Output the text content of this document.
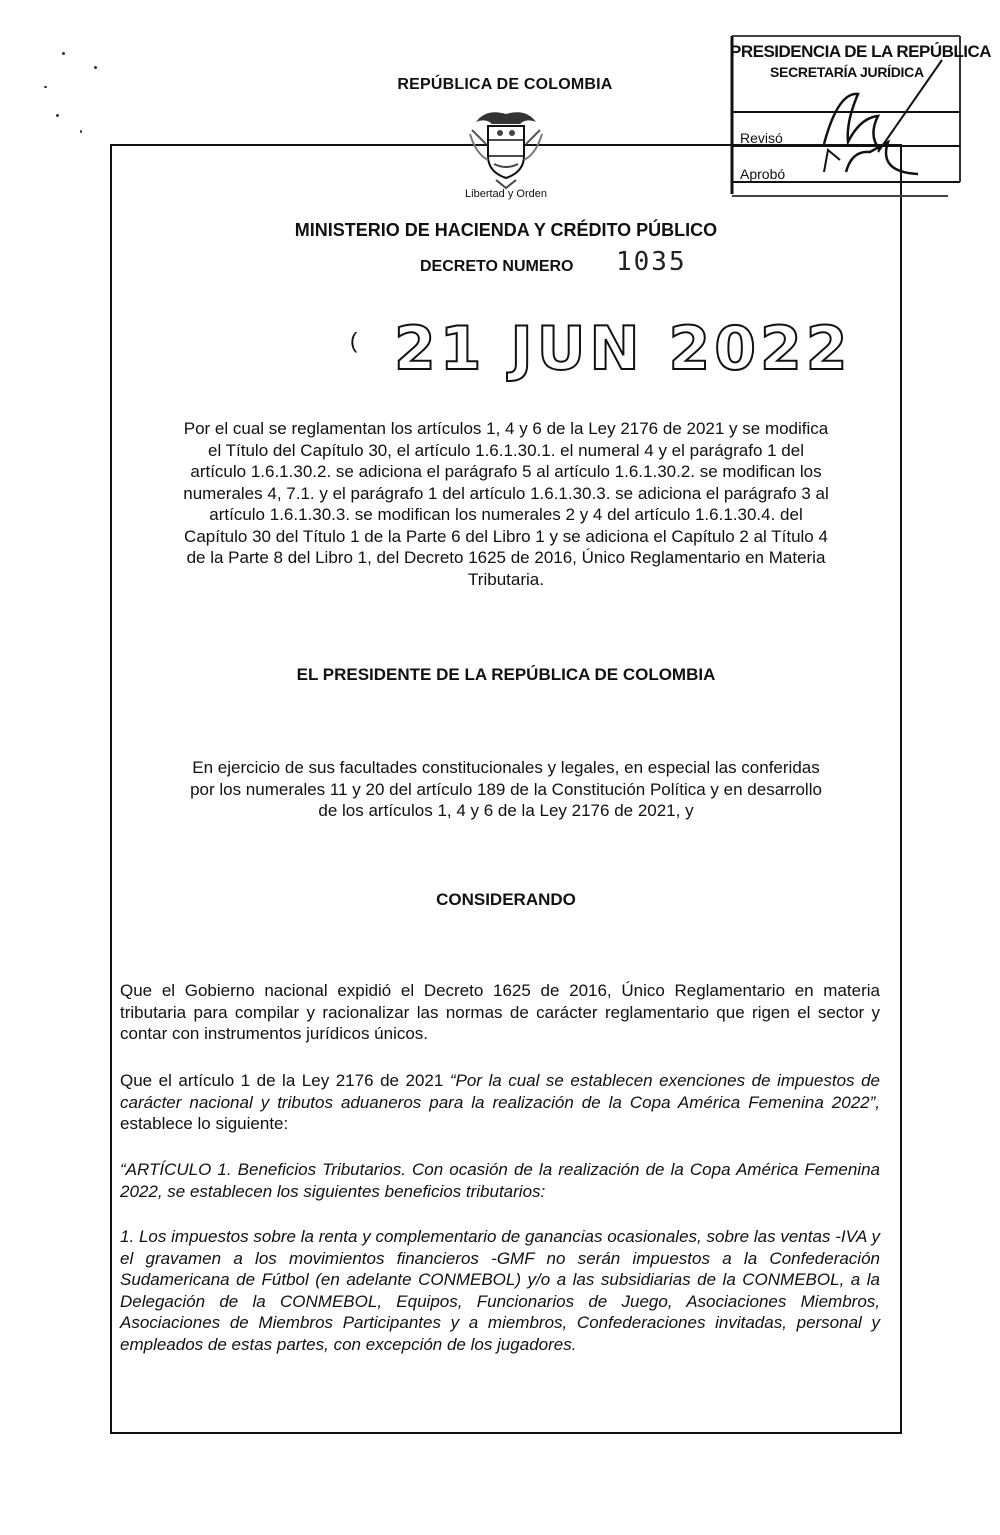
REPÚBLICA DE COLOMBIA
Libertad y Orden
PRESIDENCIA DE LA REPÚBLICA
SECRETARÍA JURÍDICA
Revisó
Aprobó
MINISTERIO DE HACIENDA Y CRÉDITO PÚBLICO
DECRETO NUMERO 1035
( 21 JUN 2022
Por el cual se reglamentan los artículos 1, 4 y 6 de la Ley 2176 de 2021 y se modifica
el Título del Capítulo 30, el artículo 1.6.1.30.1. el numeral 4 y el parágrafo 1 del
artículo 1.6.1.30.2. se adiciona el parágrafo 5 al artículo 1.6.1.30.2. se modifican los
numerales 4, 7.1. y el parágrafo 1 del artículo 1.6.1.30.3. se adiciona el parágrafo 3 al
artículo 1.6.1.30.3. se modifican los numerales 2 y 4 del artículo 1.6.1.30.4. del
Capítulo 30 del Título 1 de la Parte 6 del Libro 1 y se adiciona el Capítulo 2 al Título 4
de la Parte 8 del Libro 1, del Decreto 1625 de 2016, Único Reglamentario en Materia
Tributaria.
EL PRESIDENTE DE LA REPÚBLICA DE COLOMBIA
En ejercicio de sus facultades constitucionales y legales, en especial las conferidas
por los numerales 11 y 20 del artículo 189 de la Constitución Política y en desarrollo
de los artículos 1, 4 y 6 de la Ley 2176 de 2021, y
CONSIDERANDO

Que el Gobierno nacional expidió el Decreto 1625 de 2016, Único Reglamentario en materia tributaria para compilar y racionalizar las normas de carácter reglamentario que rigen el sector y contar con instrumentos jurídicos únicos.

Que el artículo 1 de la Ley 2176 de 2021 “Por la cual se establecen exenciones de impuestos de carácter nacional y tributos aduaneros para la realización de la Copa América Femenina 2022”, establece lo siguiente:

“ARTÍCULO 1. Beneficios Tributarios. Con ocasión de la realización de la Copa América Femenina 2022, se establecen los siguientes beneficios tributarios:

1. Los impuestos sobre la renta y complementario de ganancias ocasionales, sobre las ventas -IVA y el gravamen a los movimientos financieros -GMF no serán impuestos a la Confederación Sudamericana de Fútbol (en adelante CONMEBOL) y/o a las subsidiarias de la CONMEBOL, a la Delegación de la CONMEBOL, Equipos, Funcionarios de Juego, Asociaciones Miembros, Asociaciones de Miembros Participantes y a miembros, Confederaciones invitadas, personal y empleados de estas partes, con excepción de los jugadores.
